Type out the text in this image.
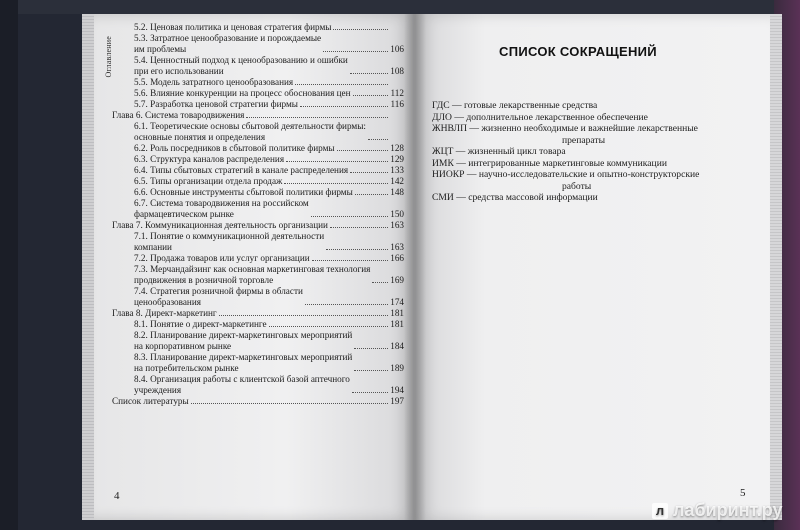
Оглавление
5.2. Ценовая политика и ценовая стратегия фирмы
5.3. Затратное ценообразование и порождаемые
им проблемы	106
5.4. Ценностный подход к ценообразованию и ошибки
при его использовании	108
5.5. Модель затратного ценообразования
5.6. Влияние конкуренции на процесс обоснования цен	112
5.7. Разработка ценовой стратегии фирмы	116
Глава 6. Система товародвижения
6.1. Теоретические основы сбытовой деятельности фирмы:
основные понятия и определения
6.2. Роль посредников в сбытовой политике фирмы	128
6.3. Структура каналов распределения	129
6.4. Типы сбытовых стратегий в канале распределения	133
6.5. Типы организации отдела продаж	142
6.6. Основные инструменты сбытовой политики фирмы	148
6.7. Система товародвижения на российском
фармацевтическом рынке	150
Глава 7. Коммуникационная деятельность организации	163
7.1. Понятие о коммуникационной деятельности
компании	163
7.2. Продажа товаров или услуг организации	166
7.3. Мерчандайзинг как основная маркетинговая технология
продвижения в розничной торговле	169
7.4. Стратегия розничной фирмы в области
ценообразования	174
Глава 8. Директ-маркетинг	181
8.1. Понятие о директ-маркетинге	181
8.2. Планирование директ-маркетинговых мероприятий
на корпоративном рынке	184
8.3. Планирование директ-маркетинговых мероприятий
на потребительском рынке	189
8.4. Организация работы с клиентской базой аптечного
учреждения	194
Список литературы	197
4
СПИСОК СОКРАЩЕНИЙ
ГДС — готовые лекарственные средства
ДЛО — дополнительное лекарственное обеспечение
ЖНВЛП — жизненно необходимые и важнейшие лекарственные
препараты
ЖЦТ — жизненный цикл товара
ИМК — интегрированные маркетинговые коммуникации
НИОКР — научно-исследовательские и опытно-конструкторские
работы
СМИ — средства массовой информации
5
л лабиринт.ру
